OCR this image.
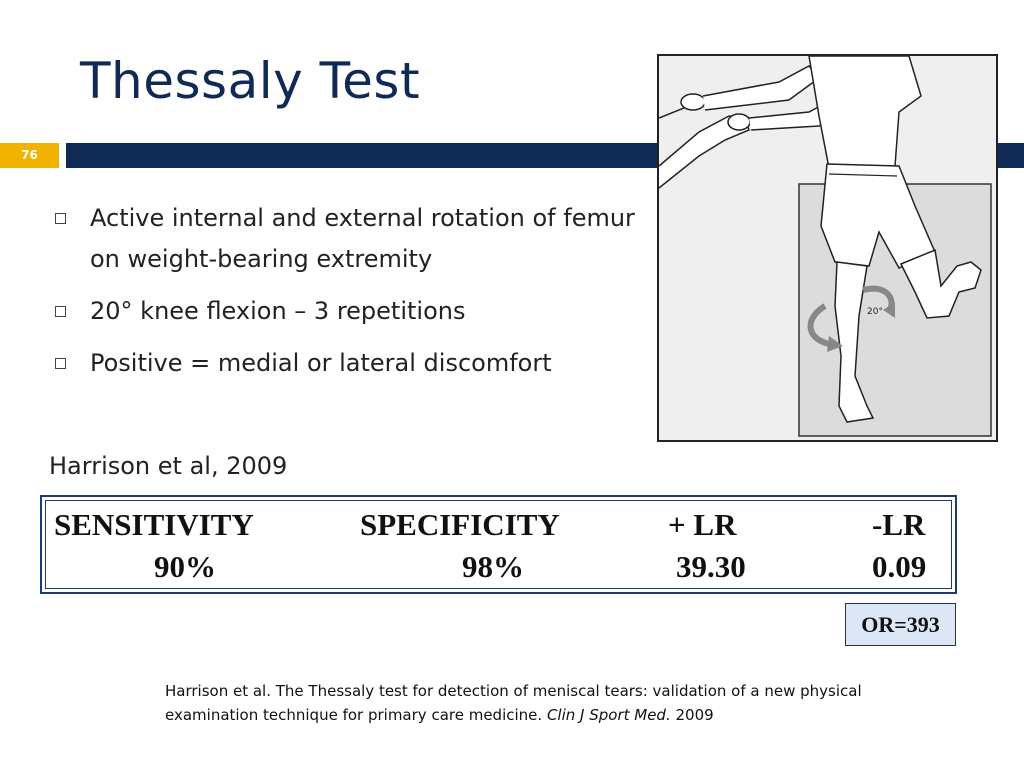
Thessaly Test
76
Active internal and external rotation of femur on weight-bearing extremity
20° knee flexion – 3 repetitions
Positive = medial or lateral discomfort
20°
Harrison et al, 2009
SENSITIVITY	SPECIFICITY	+ LR	-LR
90%	98%	39.30	0.09
OR=393
Harrison et al. The Thessaly test for detection of meniscal tears: validation of a new physical examination technique for primary care medicine. Clin J Sport Med. 2009
